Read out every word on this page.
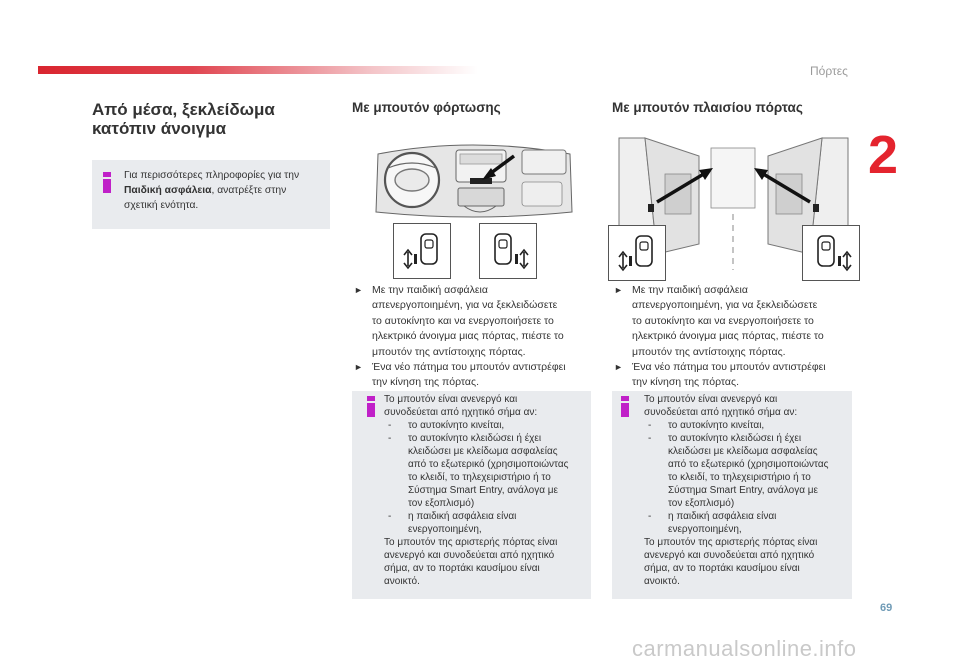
Πόρτες
2
69
Από μέσα, ξεκλείδωμα κατόπιν άνοιγμα
Για περισσότερες πληροφορίες για την
Παιδική ασφάλεια, ανατρέξτε στην
σχετική ενότητα.
Με μπουτόν φόρτωσης
► Με την παιδική ασφάλεια
απενεργοποιημένη, για να ξεκλειδώσετε
το αυτοκίνητο και να ενεργοποιήσετε το
ηλεκτρικό άνοιγμα μιας πόρτας, πιέστε το
μπουτόν της αντίστοιχης πόρτας.
► Ένα νέο πάτημα του μπουτόν αντιστρέφει
την κίνηση της πόρτας.
Το μπουτόν είναι ανενεργό και
συνοδεύεται από ηχητικό σήμα αν:
- το αυτοκίνητο κινείται,
- το αυτοκίνητο κλειδώσει ή έχει
κλειδώσει με κλείδωμα ασφαλείας
από το εξωτερικό (χρησιμοποιώντας
το κλειδί, το τηλεχειριστήριο ή το
Σύστημα Smart Entry, ανάλογα με
τον εξοπλισμό)
- η παιδική ασφάλεια είναι
ενεργοποιημένη,
Το μπουτόν της αριστερής πόρτας είναι
ανενεργό και συνοδεύεται από ηχητικό
σήμα, αν το πορτάκι καυσίμου είναι
ανοικτό.
Με μπουτόν πλαισίου πόρτας
► Με την παιδική ασφάλεια
απενεργοποιημένη, για να ξεκλειδώσετε
το αυτοκίνητο και να ενεργοποιήσετε το
ηλεκτρικό άνοιγμα μιας πόρτας, πιέστε το
μπουτόν της αντίστοιχης πόρτας.
► Ένα νέο πάτημα του μπουτόν αντιστρέφει
την κίνηση της πόρτας.
Το μπουτόν είναι ανενεργό και
συνοδεύεται από ηχητικό σήμα αν:
- το αυτοκίνητο κινείται,
- το αυτοκίνητο κλειδώσει ή έχει
κλειδώσει με κλείδωμα ασφαλείας
από το εξωτερικό (χρησιμοποιώντας
το κλειδί, το τηλεχειριστήριο ή το
Σύστημα Smart Entry, ανάλογα με
τον εξοπλισμό)
- η παιδική ασφάλεια είναι
ενεργοποιημένη,
Το μπουτόν της αριστερής πόρτας είναι
ανενεργό και συνοδεύεται από ηχητικό
σήμα, αν το πορτάκι καυσίμου είναι
ανοικτό.
carmanualsonline.info
